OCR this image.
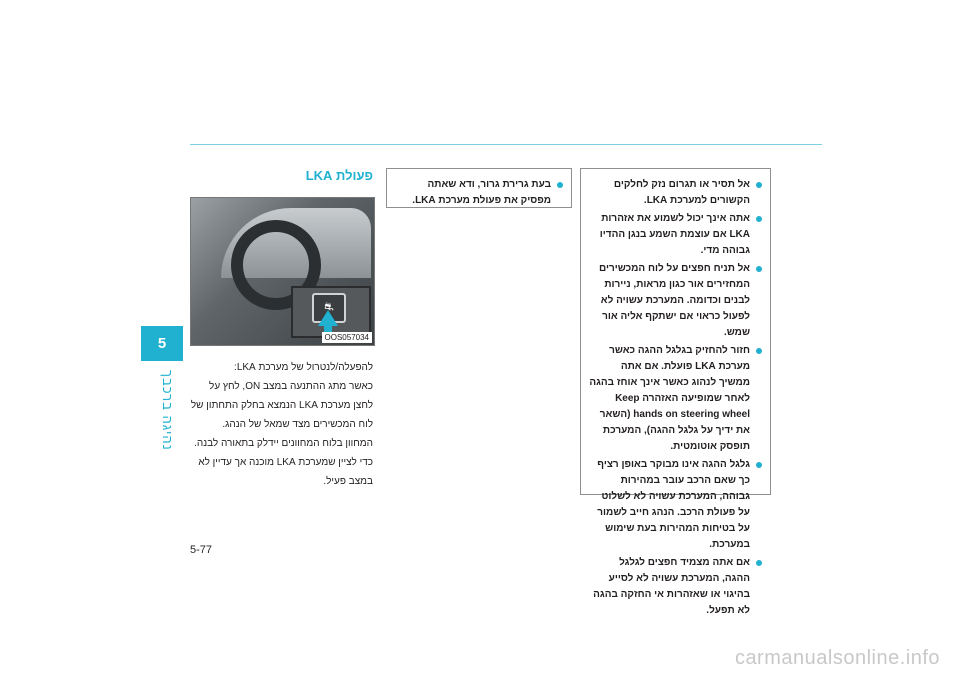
5
נהיגה ברכבך
פעולת LKA
⛐
OOS057034
להפעלה/לנטרול של מערכת LKA:
כאשר מתג ההתנעה במצב ON, לחץ על לחצן מערכת LKA הנמצא בחלק התחתון של לוח המכשירים מצד שמאל של הנהג.
המחוון בלוח המחוונים יידלק בתאורה לבנה. כדי לציין שמערכת LKA מוכנה אך עדיין לא במצב פעיל.
בעת גרירת גרור, ודא שאתה מפסיק את פעולת מערכת LKA.
אל תסיר או תגרום נזק לחלקים הקשורים למערכת LKA.
אתה אינך יכול לשמוע את אזהרות LKA אם עוצמת השמע בנגן ההדיו גבוהה מדי.
אל תניח חפצים על לוח המכשירים המחזירים אור כגון מראות, ניירות לבנים וכדומה. המערכת עשויה לא לפעול כראוי אם ישתקף אליה אור שמש.
חזור להחזיק בגלגל ההגה כאשר מערכת LKA פועלת. אם אתה ממשיך לנהוג כאשר אינך אוחז בהגה לאחר שמופיעה האזהרה Keep hands on steering wheel (השאר את ידיך על גלגל ההגה), המערכת תופסק אוטומטית.
גלגל ההגה אינו מבוקר באופן רציף כך שאם הרכב עובר במהירות גבוהה, המערכת עשויה לא לשלוט על פעולת הרכב. הנהג חייב לשמור על בטיחות המהירות בעת שימוש במערכת.
אם אתה מצמיד חפצים לגלגל ההגה, המערכת עשויה לא לסייע בהיגוי או שאזהרות אי החזקה בהגה לא תפעל.
5-77
carmanualsonline.info
